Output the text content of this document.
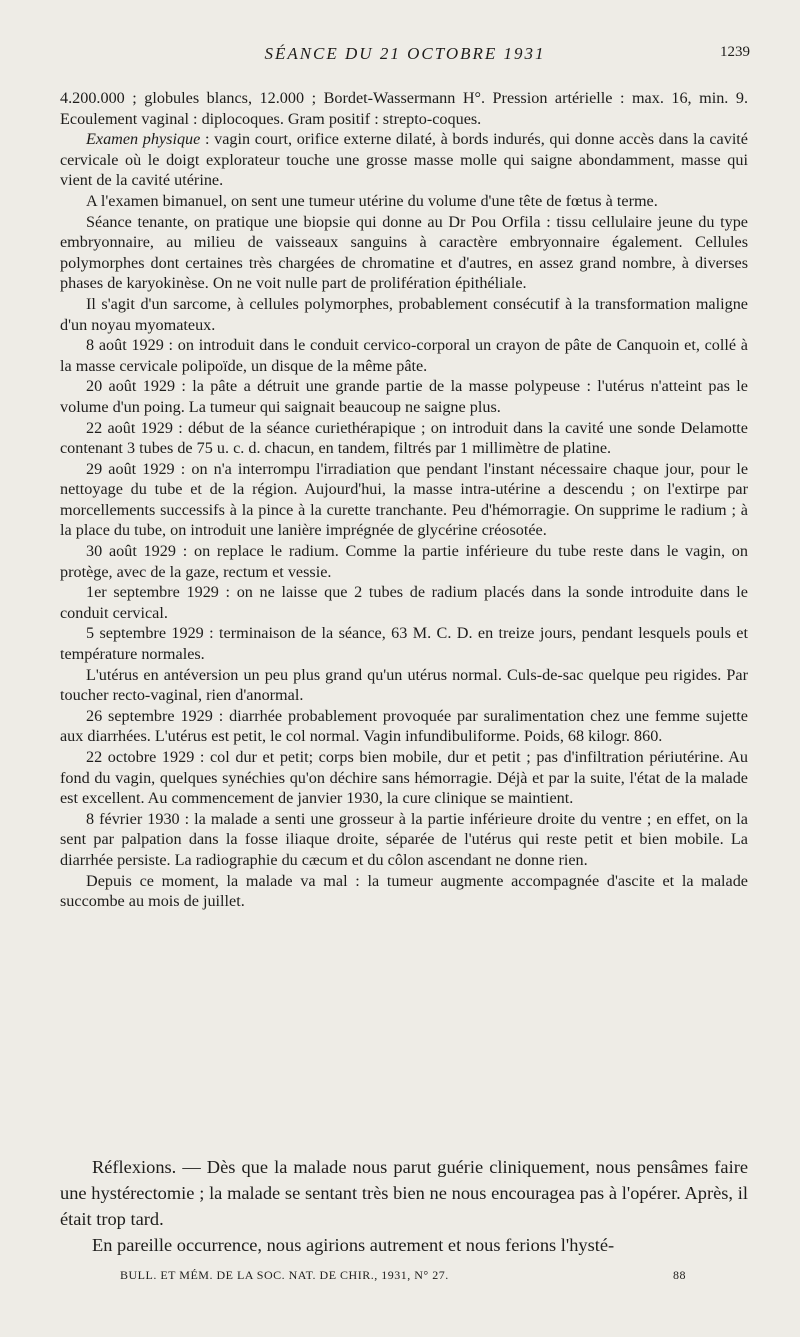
SÉANCE DU 21 OCTOBRE 1931	1239

4.200.000 ; globules blancs, 12.000 ; Bordet-Wassermann H°. Pression artérielle : max. 16, min. 9. Ecoulement vaginal : diplocoques. Gram positif : strepto-coques.

Examen physique : vagin court, orifice externe dilaté, à bords indurés, qui donne accès dans la cavité cervicale où le doigt explorateur touche une grosse masse molle qui saigne abondamment, masse qui vient de la cavité utérine.

A l'examen bimanuel, on sent une tumeur utérine du volume d'une tête de fœtus à terme.

Séance tenante, on pratique une biopsie qui donne au Dr Pou Orfila : tissu cellulaire jeune du type embryonnaire, au milieu de vaisseaux sanguins à caractère embryonnaire également. Cellules polymorphes dont certaines très chargées de chromatine et d'autres, en assez grand nombre, à diverses phases de karyokinèse. On ne voit nulle part de prolifération épithéliale.

Il s'agit d'un sarcome, à cellules polymorphes, probablement consécutif à la transformation maligne d'un noyau myomateux.

8 août 1929 : on introduit dans le conduit cervico-corporal un crayon de pâte de Canquoin et, collé à la masse cervicale polipoïde, un disque de la même pâte.

20 août 1929 : la pâte a détruit une grande partie de la masse polypeuse : l'utérus n'atteint pas le volume d'un poing. La tumeur qui saignait beaucoup ne saigne plus.

22 août 1929 : début de la séance curiethérapique ; on introduit dans la cavité une sonde Delamotte contenant 3 tubes de 75 u. c. d. chacun, en tandem, filtrés par 1 millimètre de platine.

29 août 1929 : on n'a interrompu l'irradiation que pendant l'instant nécessaire chaque jour, pour le nettoyage du tube et de la région. Aujourd'hui, la masse intra-utérine a descendu ; on l'extirpe par morcellements successifs à la pince à la curette tranchante. Peu d'hémorragie. On supprime le radium ; à la place du tube, on introduit une lanière imprégnée de glycérine créosotée.

30 août 1929 : on replace le radium. Comme la partie inférieure du tube reste dans le vagin, on protège, avec de la gaze, rectum et vessie.

1er septembre 1929 : on ne laisse que 2 tubes de radium placés dans la sonde introduite dans le conduit cervical.

5 septembre 1929 : terminaison de la séance, 63 M. C. D. en treize jours, pendant lesquels pouls et température normales.

L'utérus en antéversion un peu plus grand qu'un utérus normal. Culs-de-sac quelque peu rigides. Par toucher recto-vaginal, rien d'anormal.

26 septembre 1929 : diarrhée probablement provoquée par suralimentation chez une femme sujette aux diarrhées. L'utérus est petit, le col normal. Vagin infundibuliforme. Poids, 68 kilogr. 860.

22 octobre 1929 : col dur et petit; corps bien mobile, dur et petit ; pas d'infiltration périutérine. Au fond du vagin, quelques synéchies qu'on déchire sans hémorragie. Déjà et par la suite, l'état de la malade est excellent. Au commencement de janvier 1930, la cure clinique se maintient.

8 février 1930 : la malade a senti une grosseur à la partie inférieure droite du ventre ; en effet, on la sent par palpation dans la fosse iliaque droite, séparée de l'utérus qui reste petit et bien mobile. La diarrhée persiste. La radiographie du cæcum et du côlon ascendant ne donne rien.

Depuis ce moment, la malade va mal : la tumeur augmente accompagnée d'ascite et la malade succombe au mois de juillet.

Réflexions. — Dès que la malade nous parut guérie cliniquement, nous pensâmes faire une hystérectomie ; la malade se sentant très bien ne nous encouragea pas à l'opérer. Après, il était trop tard.

En pareille occurrence, nous agirions autrement et nous ferions l'hysté-

BULL. ET MÉM. DE LA SOC. NAT. DE CHIR., 1931, N° 27.	88
